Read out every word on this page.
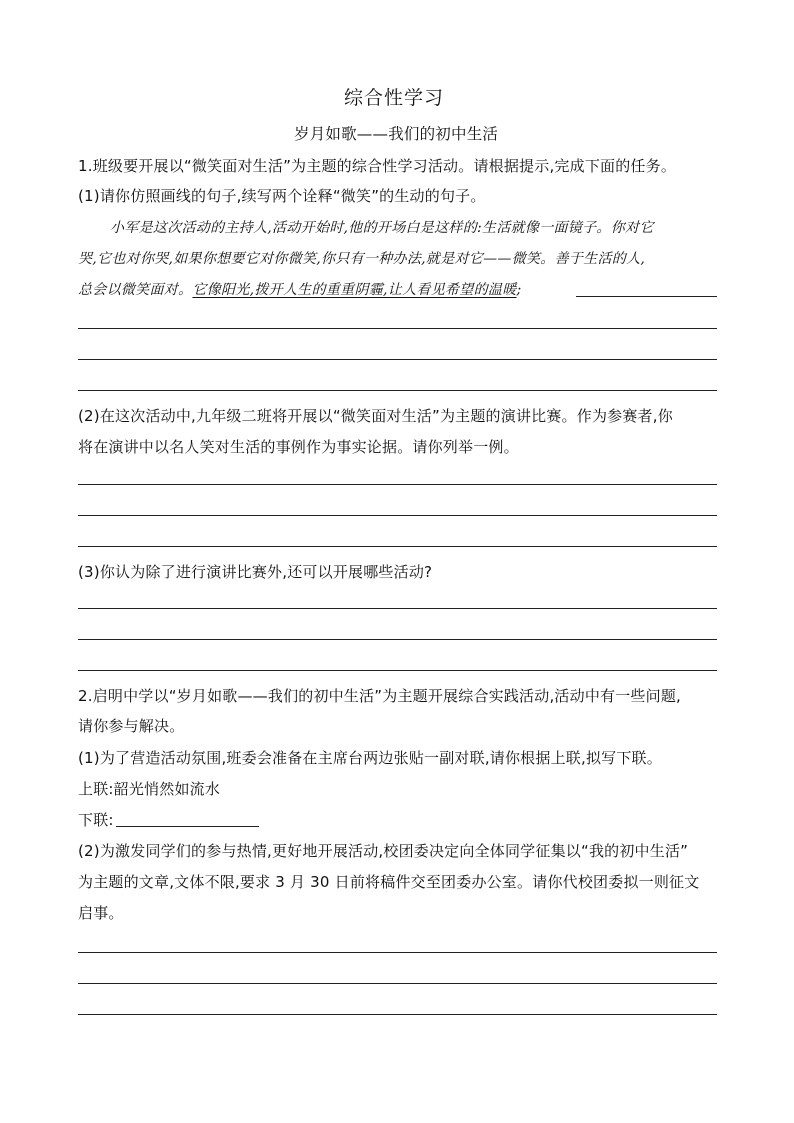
综合性学习
岁月如歌——我们的初中生活
1.班级要开展以“微笑面对生活”为主题的综合性学习活动。请根据提示,完成下面的任务。
(1)请你仿照画线的句子,续写两个诠释“微笑”的生动的句子。
小军是这次活动的主持人,活动开始时,他的开场白是这样的:生活就像一面镜子。你对它
哭,它也对你哭,如果你想要它对你微笑,你只有一种办法,就是对它——微笑。善于生活的人,
总会以微笑面对。它像阳光,拨开人生的重重阴霾,让人看见希望的温暖;
(2)在这次活动中,九年级二班将开展以“微笑面对生活”为主题的演讲比赛。作为参赛者,你
将在演讲中以名人笑对生活的事例作为事实论据。请你列举一例。
(3)你认为除了进行演讲比赛外,还可以开展哪些活动?
2.启明中学以“岁月如歌——我们的初中生活”为主题开展综合实践活动,活动中有一些问题,
请你参与解决。
(1)为了营造活动氛围,班委会准备在主席台两边张贴一副对联,请你根据上联,拟写下联。
上联:韶光悄然如流水
下联:
(2)为激发同学们的参与热情,更好地开展活动,校团委决定向全体同学征集以“我的初中生活”
为主题的文章,文体不限,要求 3 月 30 日前将稿件交至团委办公室。请你代校团委拟一则征文
启事。
